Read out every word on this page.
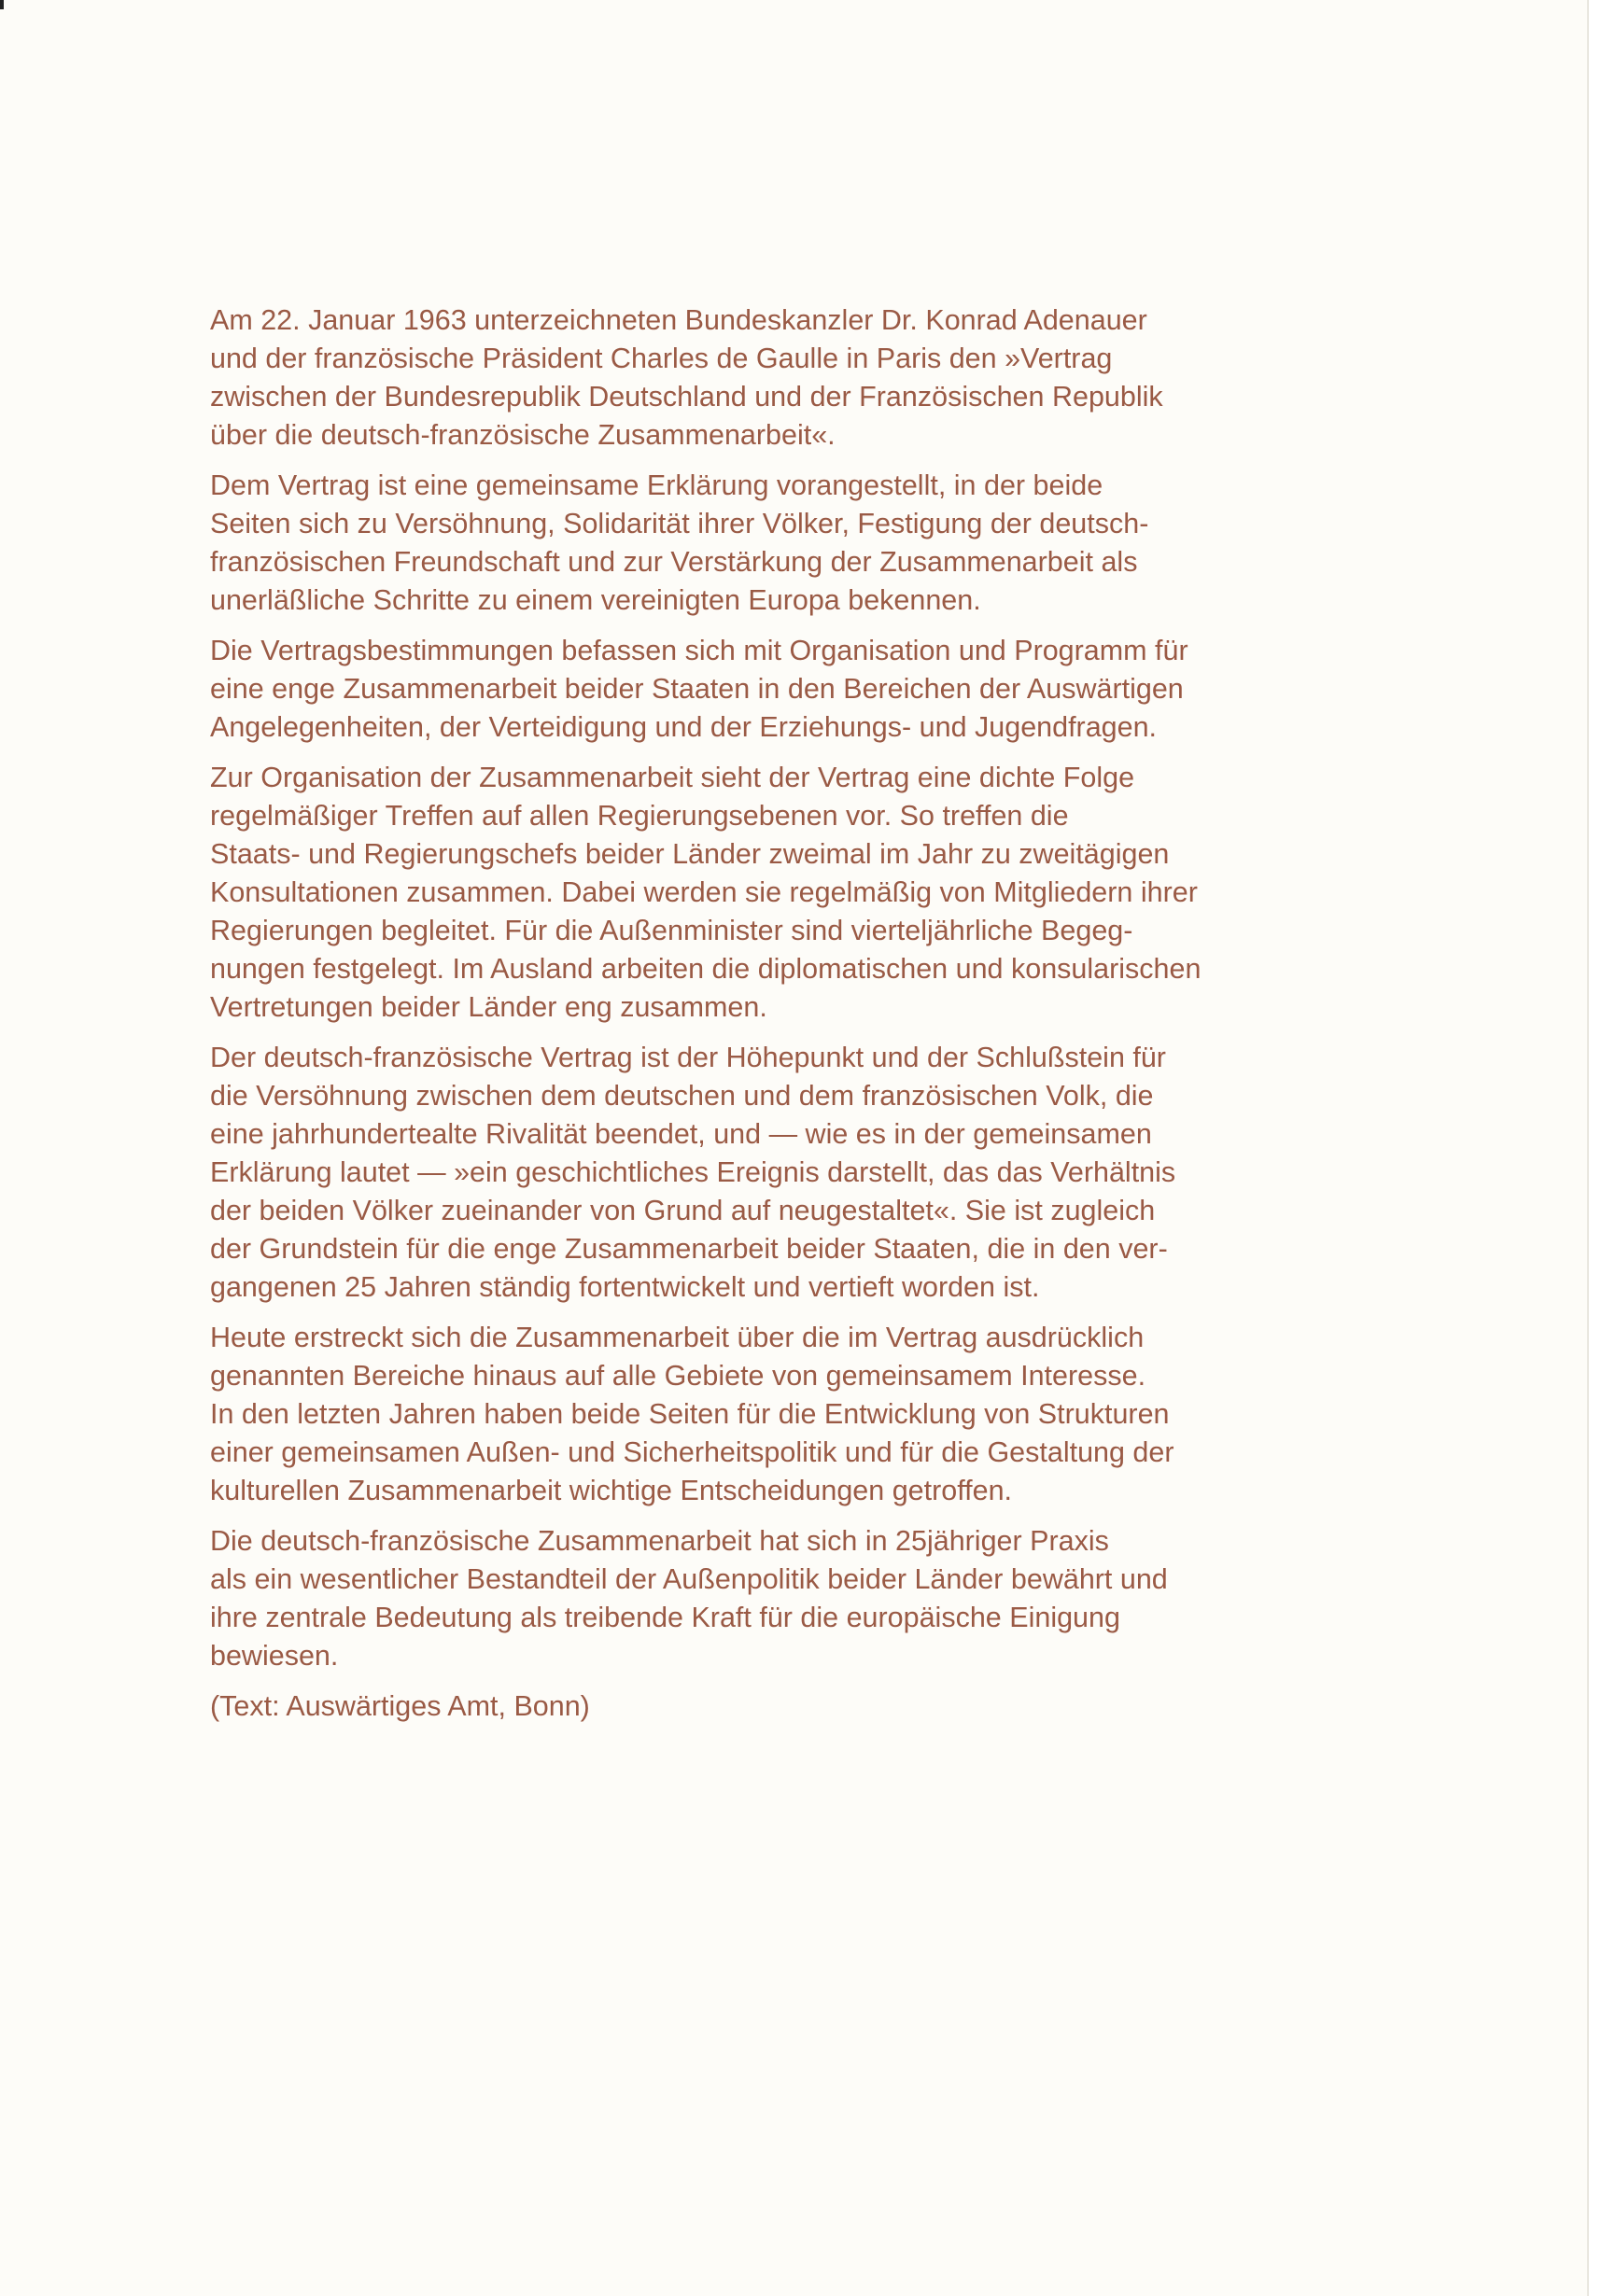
Am 22. Januar 1963 unterzeichneten Bundeskanzler Dr. Konrad Adenauer
und der französische Präsident Charles de Gaulle in Paris den »Vertrag
zwischen der Bundesrepublik Deutschland und der Französischen Republik
über die deutsch-französische Zusammenarbeit«.

Dem Vertrag ist eine gemeinsame Erklärung vorangestellt, in der beide
Seiten sich zu Versöhnung, Solidarität ihrer Völker, Festigung der deutsch-
französischen Freundschaft und zur Verstärkung der Zusammenarbeit als
unerläßliche Schritte zu einem vereinigten Europa bekennen.

Die Vertragsbestimmungen befassen sich mit Organisation und Programm für
eine enge Zusammenarbeit beider Staaten in den Bereichen der Auswärtigen
Angelegenheiten, der Verteidigung und der Erziehungs- und Jugendfragen.

Zur Organisation der Zusammenarbeit sieht der Vertrag eine dichte Folge
regelmäßiger Treffen auf allen Regierungsebenen vor. So treffen die
Staats- und Regierungschefs beider Länder zweimal im Jahr zu zweitägigen
Konsultationen zusammen. Dabei werden sie regelmäßig von Mitgliedern ihrer
Regierungen begleitet. Für die Außenminister sind vierteljährliche Begeg-
nungen festgelegt. Im Ausland arbeiten die diplomatischen und konsularischen
Vertretungen beider Länder eng zusammen.

Der deutsch-französische Vertrag ist der Höhepunkt und der Schlußstein für
die Versöhnung zwischen dem deutschen und dem französischen Volk, die
eine jahrhundertealte Rivalität beendet, und — wie es in der gemeinsamen
Erklärung lautet — »ein geschichtliches Ereignis darstellt, das das Verhältnis
der beiden Völker zueinander von Grund auf neugestaltet«. Sie ist zugleich
der Grundstein für die enge Zusammenarbeit beider Staaten, die in den ver-
gangenen 25 Jahren ständig fortentwickelt und vertieft worden ist.

Heute erstreckt sich die Zusammenarbeit über die im Vertrag ausdrücklich
genannten Bereiche hinaus auf alle Gebiete von gemeinsamem Interesse.
In den letzten Jahren haben beide Seiten für die Entwicklung von Strukturen
einer gemeinsamen Außen- und Sicherheitspolitik und für die Gestaltung der
kulturellen Zusammenarbeit wichtige Entscheidungen getroffen.

Die deutsch-französische Zusammenarbeit hat sich in 25jähriger Praxis
als ein wesentlicher Bestandteil der Außenpolitik beider Länder bewährt und
ihre zentrale Bedeutung als treibende Kraft für die europäische Einigung
bewiesen.

(Text: Auswärtiges Amt, Bonn)
